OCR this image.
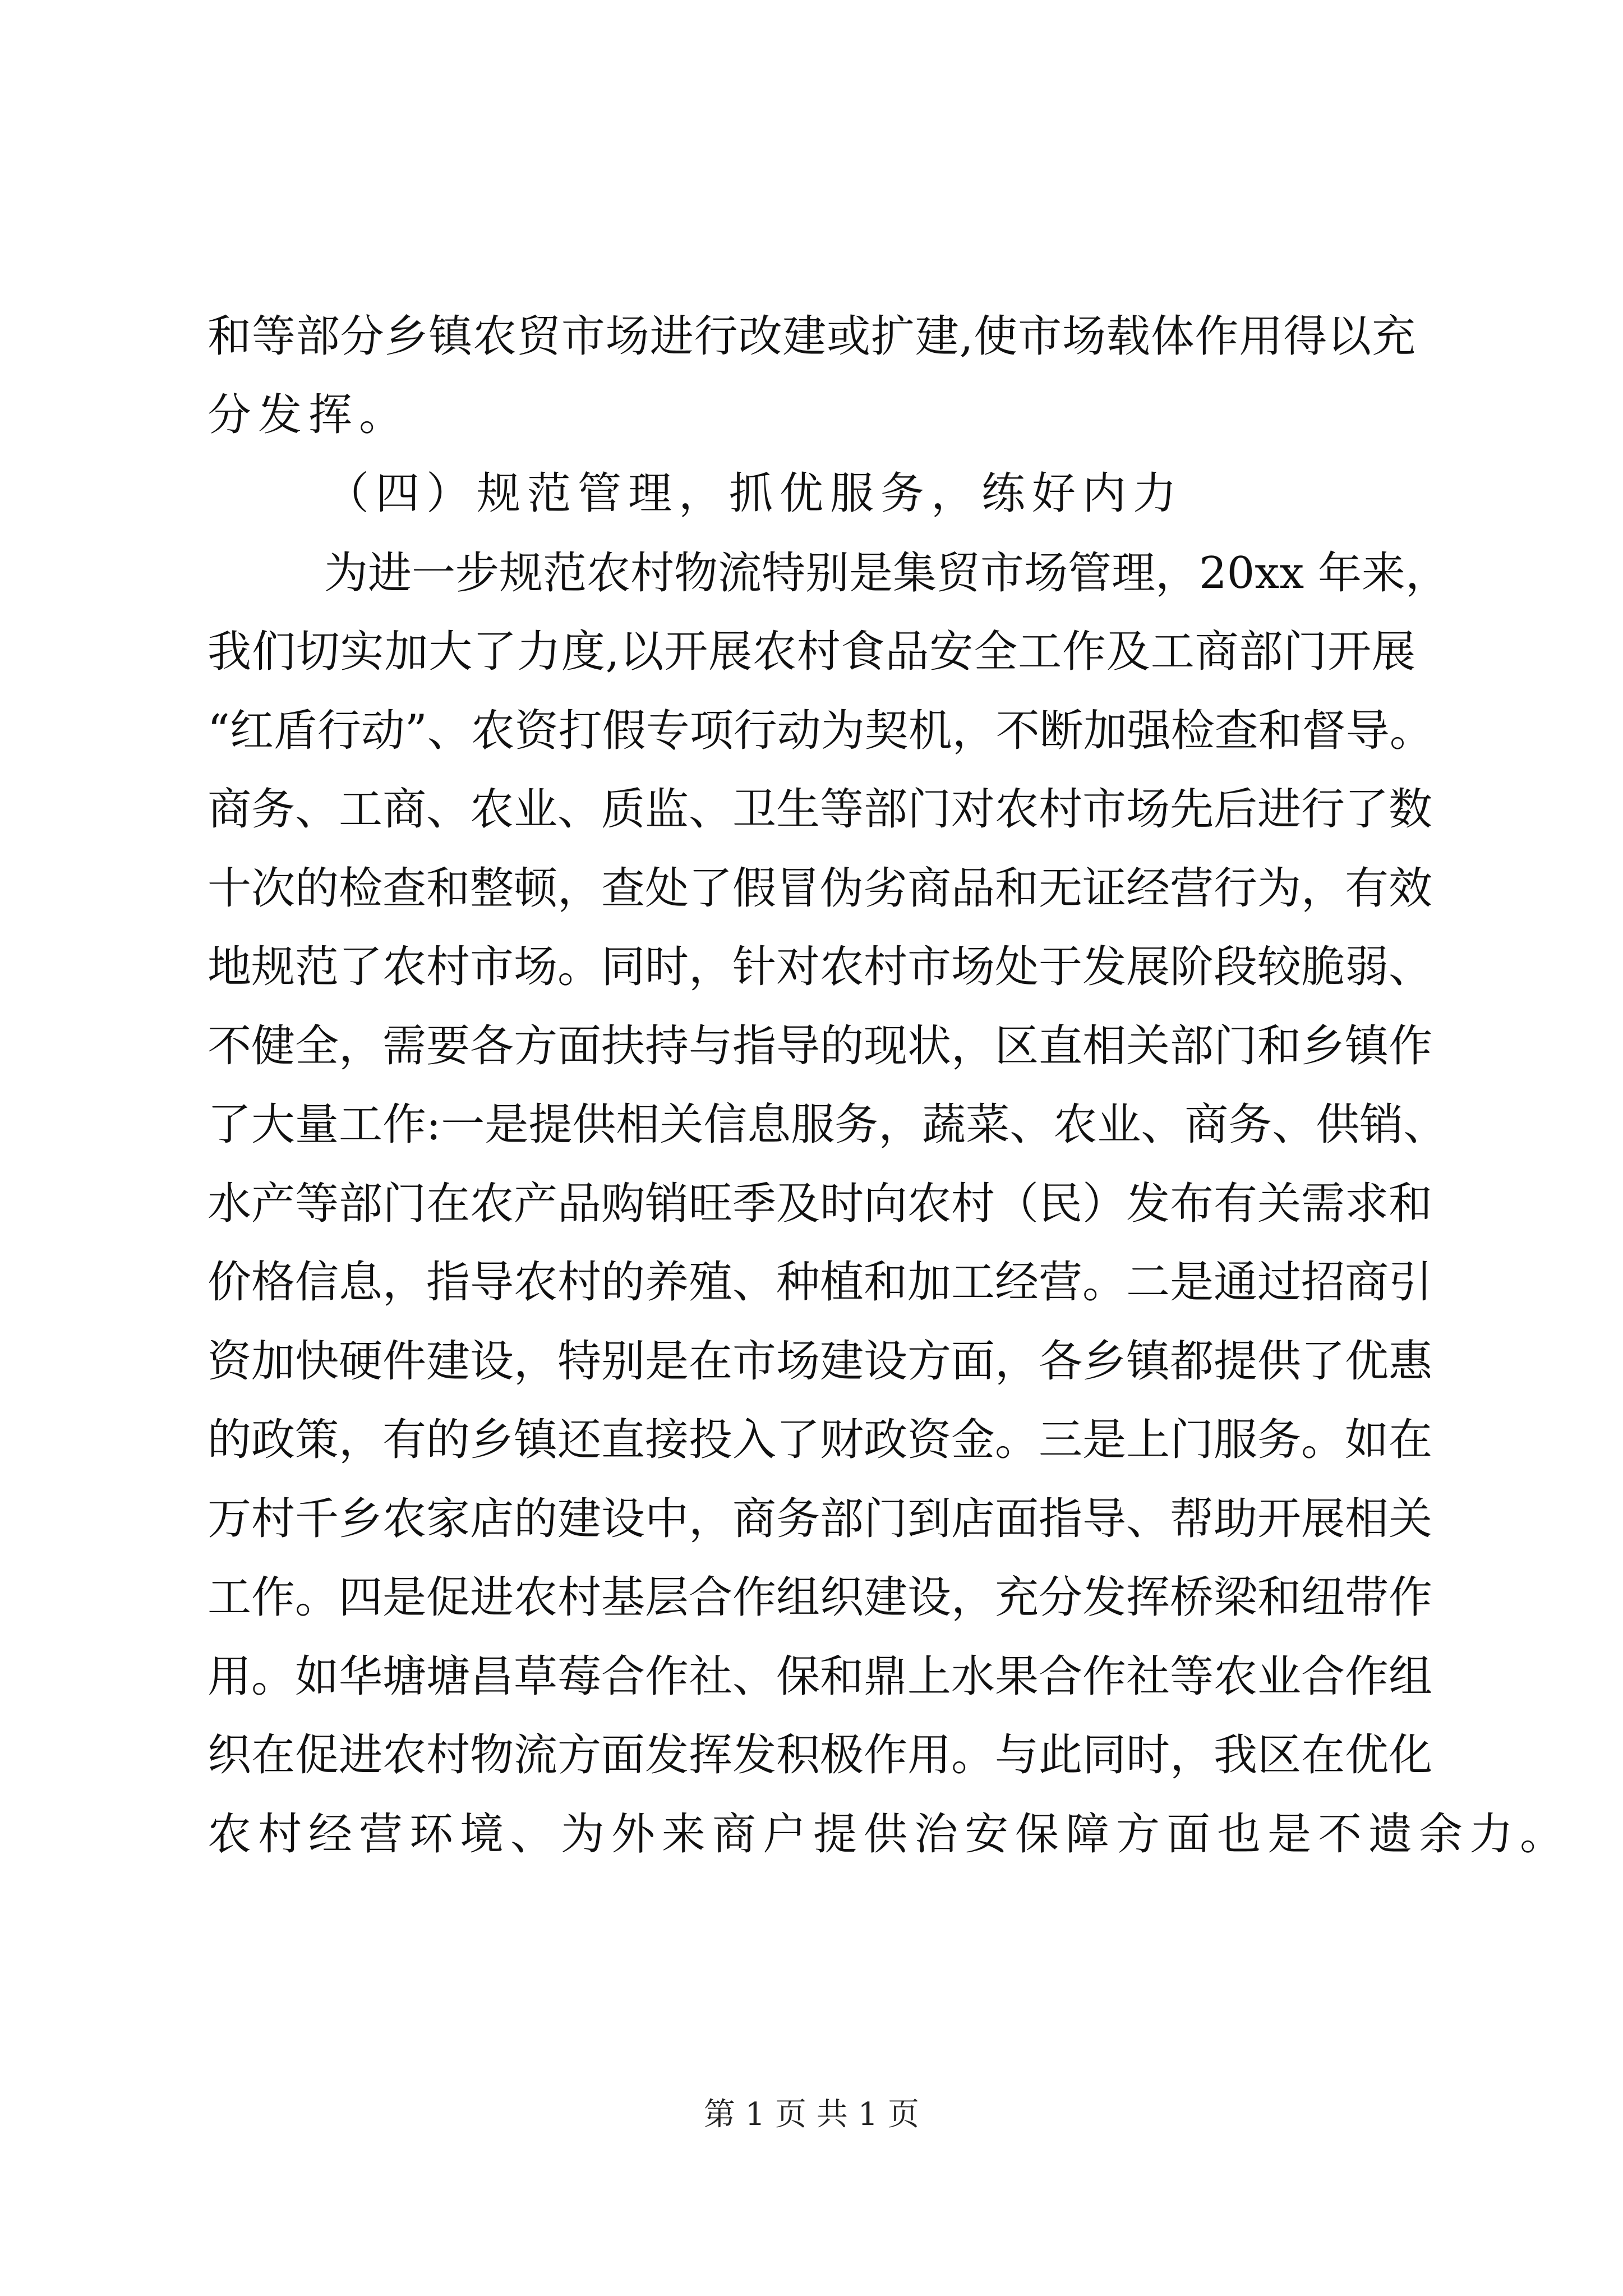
和等部分乡镇农贸市场进行改建或扩建,使市场载体作用得以充
分发挥。
（四）规范管理，抓优服务，练好内力
为进一步规范农村物流特别是集贸市场管理，20xx 年来，
我们切实加大了力度,以开展农村食品安全工作及工商部门开展
“红盾行动”、农资打假专项行动为契机，不断加强检查和督导。
商务、工商、农业、质监、卫生等部门对农村市场先后进行了数
十次的检查和整顿，查处了假冒伪劣商品和无证经营行为，有效
地规范了农村市场。同时，针对农村市场处于发展阶段较脆弱、
不健全，需要各方面扶持与指导的现状，区直相关部门和乡镇作
了大量工作:一是提供相关信息服务，蔬菜、农业、商务、供销、
水产等部门在农产品购销旺季及时向农村（民）发布有关需求和
价格信息，指导农村的养殖、种植和加工经营。二是通过招商引
资加快硬件建设，特别是在市场建设方面，各乡镇都提供了优惠
的政策，有的乡镇还直接投入了财政资金。三是上门服务。如在
万村千乡农家店的建设中，商务部门到店面指导、帮助开展相关
工作。四是促进农村基层合作组织建设，充分发挥桥梁和纽带作
用。如华塘塘昌草莓合作社、保和鼎上水果合作社等农业合作组
织在促进农村物流方面发挥发积极作用。与此同时，我区在优化
农村经营环境、为外来商户提供治安保障方面也是不遗余力。
第 1 页 共 1 页
